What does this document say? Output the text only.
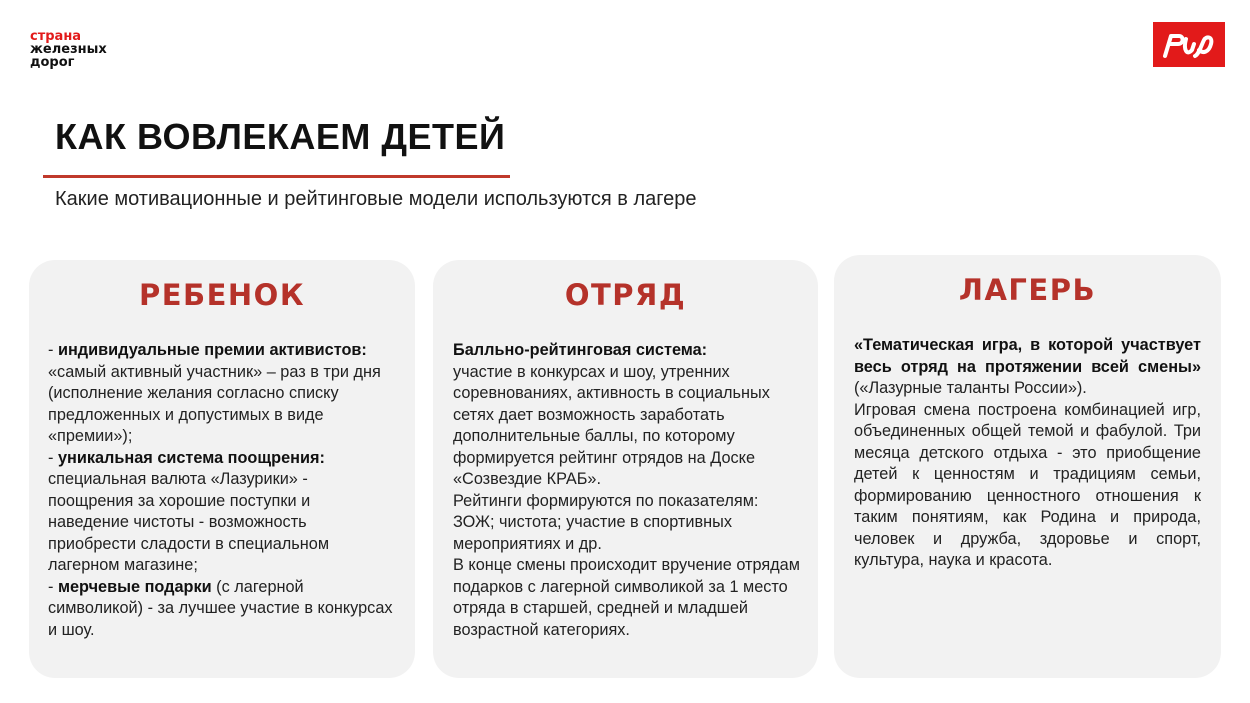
страна
железных
дорог
КАК ВОВЛЕКАЕМ ДЕТЕЙ
Какие мотивационные и рейтинговые модели используются в лагере
РЕБЕНОК
- индивидуальные премии активистов: «самый активный участник» – раз в три дня (исполнение желания согласно списку предложенных и допустимых в виде «премии»);
- уникальная система поощрения: специальная валюта «Лазурики» - поощрения за хорошие поступки и наведение чистоты - возможность приобрести сладости в специальном лагерном магазине;
- мерчевые подарки (с лагерной символикой) - за лучшее участие в конкурсах и шоу.
ОТРЯД
Балльно-рейтинговая система:
участие в конкурсах и шоу, утренних соревнованиях, активность в социальных сетях дает возможность заработать дополнительные баллы, по которому формируется рейтинг отрядов на Доске «Созвездие КРАБ».
Рейтинги формируются по показателям: ЗОЖ; чистота; участие в спортивных мероприятиях и др.
В конце смены происходит вручение отрядам подарков с лагерной символикой за 1 место отряда в старшей, средней и младшей возрастной категориях.
ЛАГЕРЬ
«Тематическая игра, в которой участвует весь отряд на протяжении всей смены» («Лазурные таланты России»).
Игровая смена построена комбинацией игр, объединенных общей темой и фабулой. Три месяца детского отдыха - это приобщение детей к ценностям и традициям семьи, формированию ценностного отношения к таким понятиям, как Родина и природа, человек и дружба, здоровье и спорт, культура, наука и красота.
